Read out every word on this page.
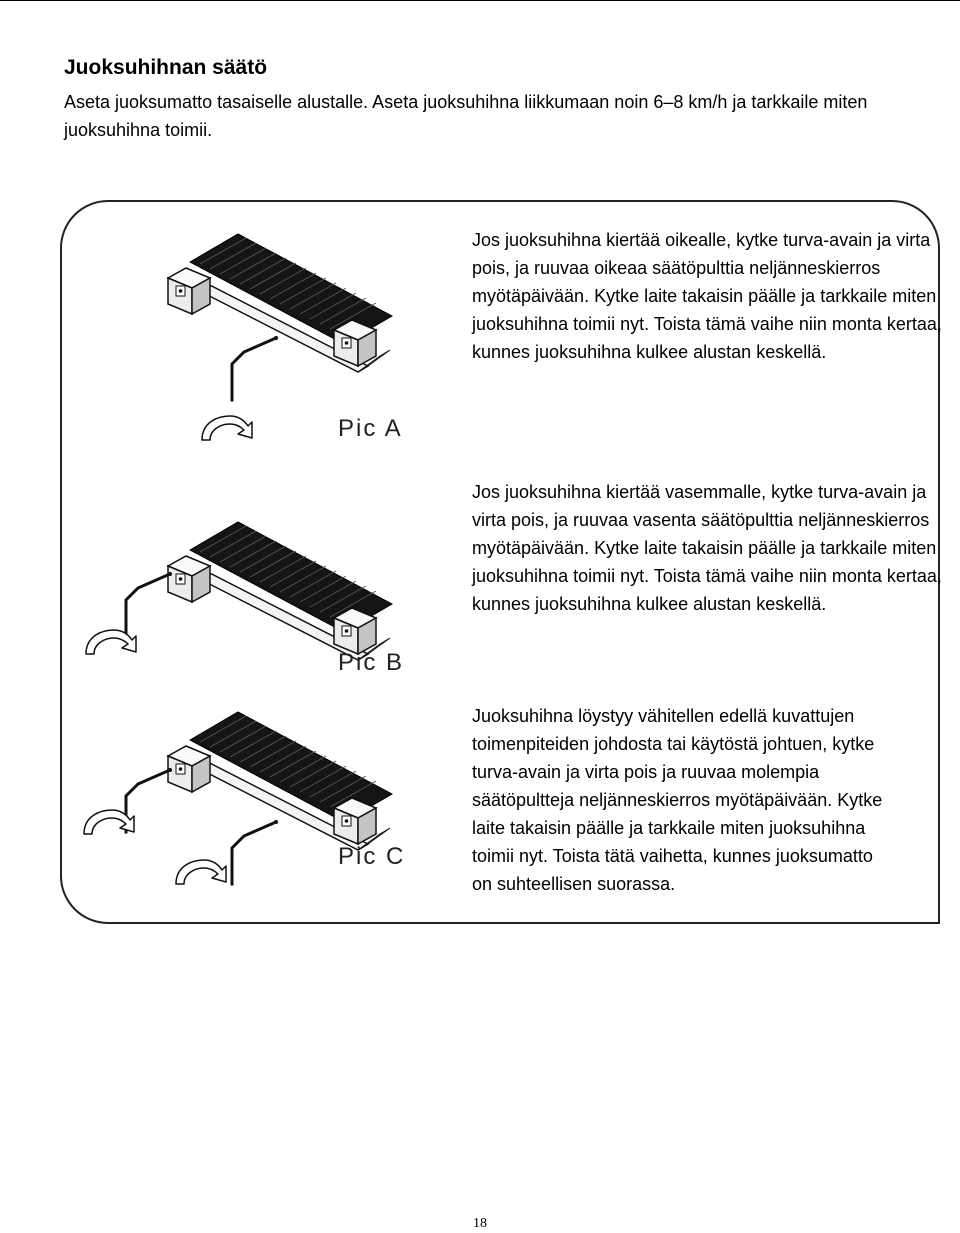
Juoksuhihnan säätö

Aseta juoksumatto tasaiselle alustalle. Aseta juoksuhihna liikkumaan noin 6–8 km/h ja tarkkaile miten juoksuhihna toimii.

Pic A
Pic B
Pic C

Jos juoksuhihna kiertää oikealle, kytke turva-avain ja virta pois, ja ruuvaa oikeaa säätöpulttia neljänneskierros myötäpäivään. Kytke laite takaisin päälle ja tarkkaile miten juoksuhihna toimii nyt. Toista tämä vaihe niin monta kertaa, kunnes juoksuhihna kulkee alustan keskellä.

Jos juoksuhihna kiertää vasemmalle, kytke turva-avain ja virta pois, ja ruuvaa vasenta säätöpulttia neljänneskierros myötäpäivään. Kytke laite takaisin päälle ja tarkkaile miten juoksuhihna toimii nyt. Toista tämä vaihe niin monta kertaa, kunnes juoksuhihna kulkee alustan keskellä.

Juoksuhihna löystyy vähitellen edellä kuvattujen toimenpiteiden johdosta tai käytöstä johtuen, kytke turva-avain ja virta pois ja ruuvaa molempia säätöpultteja neljänneskierros myötäpäivään. Kytke laite takaisin päälle ja tarkkaile miten juoksuhihna toimii nyt. Toista tätä vaihetta, kunnes juoksumatto on suhteellisen suorassa.

18
